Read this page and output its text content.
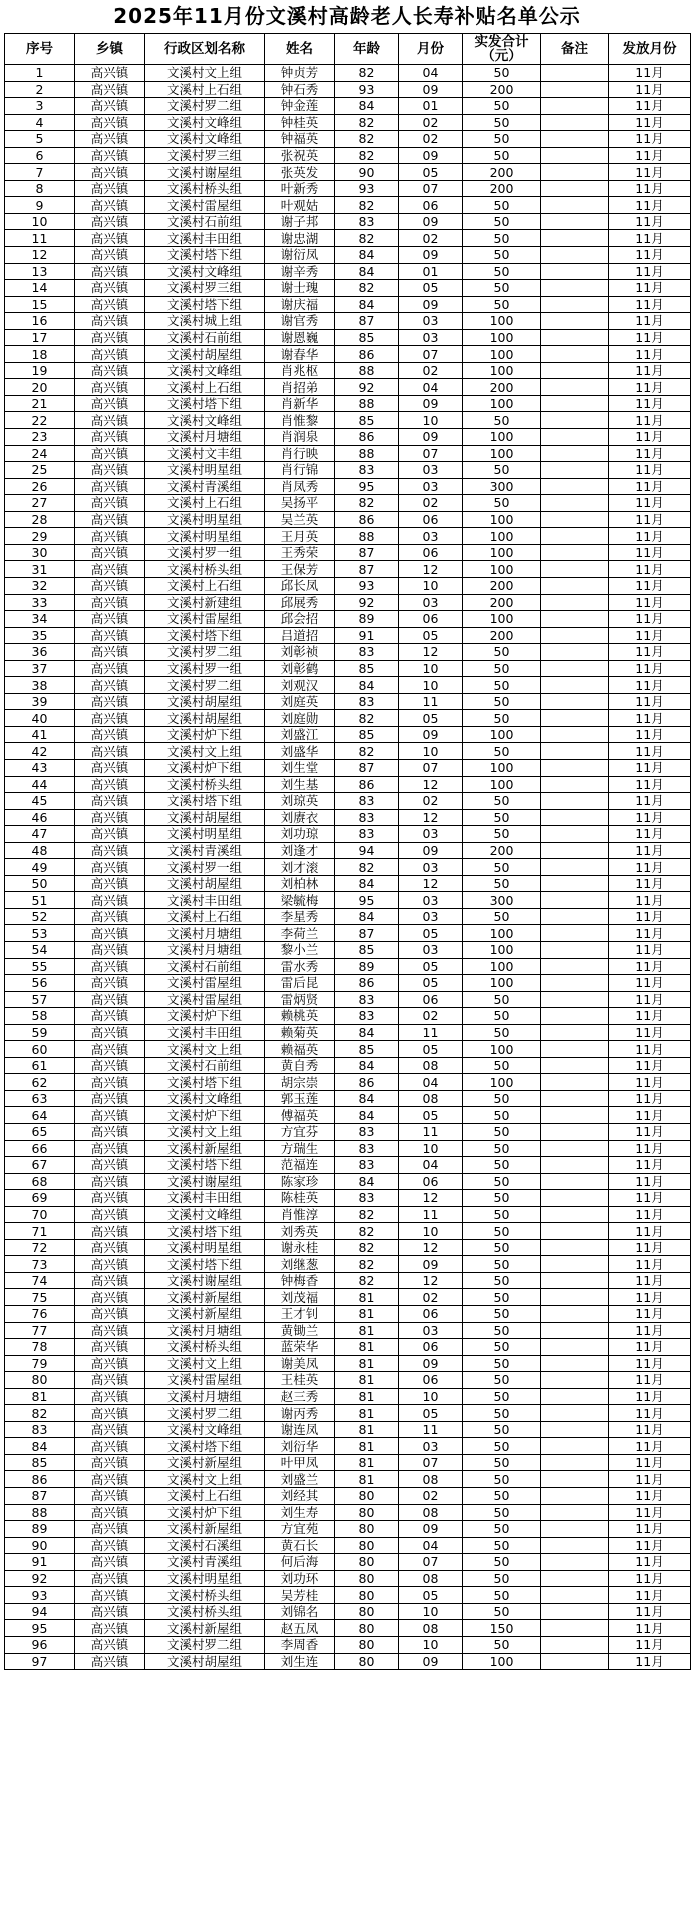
2025年11月份文溪村高龄老人长寿补贴名单公示
序号	乡镇	行政区划名称	姓名	年龄	月份	实发合计（元）	备注	发放月份
1	高兴镇	文溪村文上组	钟贞芳	82	04	50		11月
2	高兴镇	文溪村上石组	钟石秀	93	09	200		11月
3	高兴镇	文溪村罗二组	钟金莲	84	01	50		11月
4	高兴镇	文溪村文峰组	钟桂英	82	02	50		11月
5	高兴镇	文溪村文峰组	钟福英	82	02	50		11月
6	高兴镇	文溪村罗三组	张祝英	82	09	50		11月
7	高兴镇	文溪村谢屋组	张英发	90	05	200		11月
8	高兴镇	文溪村桥头组	叶新秀	93	07	200		11月
9	高兴镇	文溪村雷屋组	叶观姑	82	06	50		11月
10	高兴镇	文溪村石前组	谢子邦	83	09	50		11月
11	高兴镇	文溪村丰田组	谢忠湖	82	02	50		11月
12	高兴镇	文溪村塔下组	谢衍凤	84	09	50		11月
13	高兴镇	文溪村文峰组	谢辛秀	84	01	50		11月
14	高兴镇	文溪村罗三组	谢士瑰	82	05	50		11月
15	高兴镇	文溪村塔下组	谢庆福	84	09	50		11月
16	高兴镇	文溪村城上组	谢官秀	87	03	100		11月
17	高兴镇	文溪村石前组	谢恩巍	85	03	100		11月
18	高兴镇	文溪村胡屋组	谢春华	86	07	100		11月
19	高兴镇	文溪村文峰组	肖兆枢	88	02	100		11月
20	高兴镇	文溪村上石组	肖招弟	92	04	200		11月
21	高兴镇	文溪村塔下组	肖新华	88	09	100		11月
22	高兴镇	文溪村文峰组	肖惟黎	85	10	50		11月
23	高兴镇	文溪村月塘组	肖润泉	86	09	100		11月
24	高兴镇	文溪村文丰组	肖行映	88	07	100		11月
25	高兴镇	文溪村明星组	肖行锦	83	03	50		11月
26	高兴镇	文溪村青溪组	肖凤秀	95	03	300		11月
27	高兴镇	文溪村上石组	吴扬平	82	02	50		11月
28	高兴镇	文溪村明星组	吴兰英	86	06	100		11月
29	高兴镇	文溪村明星组	王月英	88	03	100		11月
30	高兴镇	文溪村罗一组	王秀荣	87	06	100		11月
31	高兴镇	文溪村桥头组	王保芳	87	12	100		11月
32	高兴镇	文溪村上石组	邱长凤	93	10	200		11月
33	高兴镇	文溪村新建组	邱展秀	92	03	200		11月
34	高兴镇	文溪村雷屋组	邱会招	89	06	100		11月
35	高兴镇	文溪村塔下组	吕道招	91	05	200		11月
36	高兴镇	文溪村罗二组	刘彰祯	83	12	50		11月
37	高兴镇	文溪村罗一组	刘彰鹤	85	10	50		11月
38	高兴镇	文溪村罗二组	刘观汉	84	10	50		11月
39	高兴镇	文溪村胡屋组	刘庭英	83	11	50		11月
40	高兴镇	文溪村胡屋组	刘庭勋	82	05	50		11月
41	高兴镇	文溪村炉下组	刘盛江	85	09	100		11月
42	高兴镇	文溪村文上组	刘盛华	82	10	50		11月
43	高兴镇	文溪村炉下组	刘生堂	87	07	100		11月
44	高兴镇	文溪村桥头组	刘生基	86	12	100		11月
45	高兴镇	文溪村塔下组	刘琼英	83	02	50		11月
46	高兴镇	文溪村胡屋组	刘赓衣	83	12	50		11月
47	高兴镇	文溪村明星组	刘功琼	83	03	50		11月
48	高兴镇	文溪村青溪组	刘逢才	94	09	200		11月
49	高兴镇	文溪村罗一组	刘才滚	82	03	50		11月
50	高兴镇	文溪村胡屋组	刘柏林	84	12	50		11月
51	高兴镇	文溪村丰田组	梁毓梅	95	03	300		11月
52	高兴镇	文溪村上石组	李星秀	84	03	50		11月
53	高兴镇	文溪村月塘组	李荷兰	87	05	100		11月
54	高兴镇	文溪村月塘组	黎小兰	85	03	100		11月
55	高兴镇	文溪村石前组	雷水秀	89	05	100		11月
56	高兴镇	文溪村雷屋组	雷后昆	86	05	100		11月
57	高兴镇	文溪村雷屋组	雷炳贤	83	06	50		11月
58	高兴镇	文溪村炉下组	赖桃英	83	02	50		11月
59	高兴镇	文溪村丰田组	赖菊英	84	11	50		11月
60	高兴镇	文溪村文上组	赖福英	85	05	100		11月
61	高兴镇	文溪村石前组	黄自秀	84	08	50		11月
62	高兴镇	文溪村塔下组	胡宗崇	86	04	100		11月
63	高兴镇	文溪村文峰组	郭玉莲	84	08	50		11月
64	高兴镇	文溪村炉下组	傅福英	84	05	50		11月
65	高兴镇	文溪村文上组	方宜芬	83	11	50		11月
66	高兴镇	文溪村新屋组	方瑞生	83	10	50		11月
67	高兴镇	文溪村塔下组	范福连	83	04	50		11月
68	高兴镇	文溪村谢屋组	陈家珍	84	06	50		11月
69	高兴镇	文溪村丰田组	陈桂英	83	12	50		11月
70	高兴镇	文溪村文峰组	肖惟淳	82	11	50		11月
71	高兴镇	文溪村塔下组	刘秀英	82	10	50		11月
72	高兴镇	文溪村明星组	谢永桂	82	12	50		11月
73	高兴镇	文溪村塔下组	刘继葱	82	09	50		11月
74	高兴镇	文溪村谢屋组	钟梅香	82	12	50		11月
75	高兴镇	文溪村新屋组	刘茂福	81	02	50		11月
76	高兴镇	文溪村新屋组	王才钊	81	06	50		11月
77	高兴镇	文溪村月塘组	黄锄兰	81	03	50		11月
78	高兴镇	文溪村桥头组	蓝荣华	81	06	50		11月
79	高兴镇	文溪村文上组	谢美凤	81	09	50		11月
80	高兴镇	文溪村雷屋组	王桂英	81	06	50		11月
81	高兴镇	文溪村月塘组	赵三秀	81	10	50		11月
82	高兴镇	文溪村罗二组	谢丙秀	81	05	50		11月
83	高兴镇	文溪村文峰组	谢连凤	81	11	50		11月
84	高兴镇	文溪村塔下组	刘衍华	81	03	50		11月
85	高兴镇	文溪村新屋组	叶甲凤	81	07	50		11月
86	高兴镇	文溪村文上组	刘盛兰	81	08	50		11月
87	高兴镇	文溪村上石组	刘经其	80	02	50		11月
88	高兴镇	文溪村炉下组	刘生寿	80	08	50		11月
89	高兴镇	文溪村新屋组	方宜苑	80	09	50		11月
90	高兴镇	文溪村石溪组	黄石长	80	04	50		11月
91	高兴镇	文溪村青溪组	何后海	80	07	50		11月
92	高兴镇	文溪村明星组	刘功环	80	08	50		11月
93	高兴镇	文溪村桥头组	吴芳桂	80	05	50		11月
94	高兴镇	文溪村桥头组	刘锦名	80	10	50		11月
95	高兴镇	文溪村新屋组	赵五凤	80	08	150		11月
96	高兴镇	文溪村罗二组	李周香	80	10	50		11月
97	高兴镇	文溪村胡屋组	刘生连	80	09	100		11月
